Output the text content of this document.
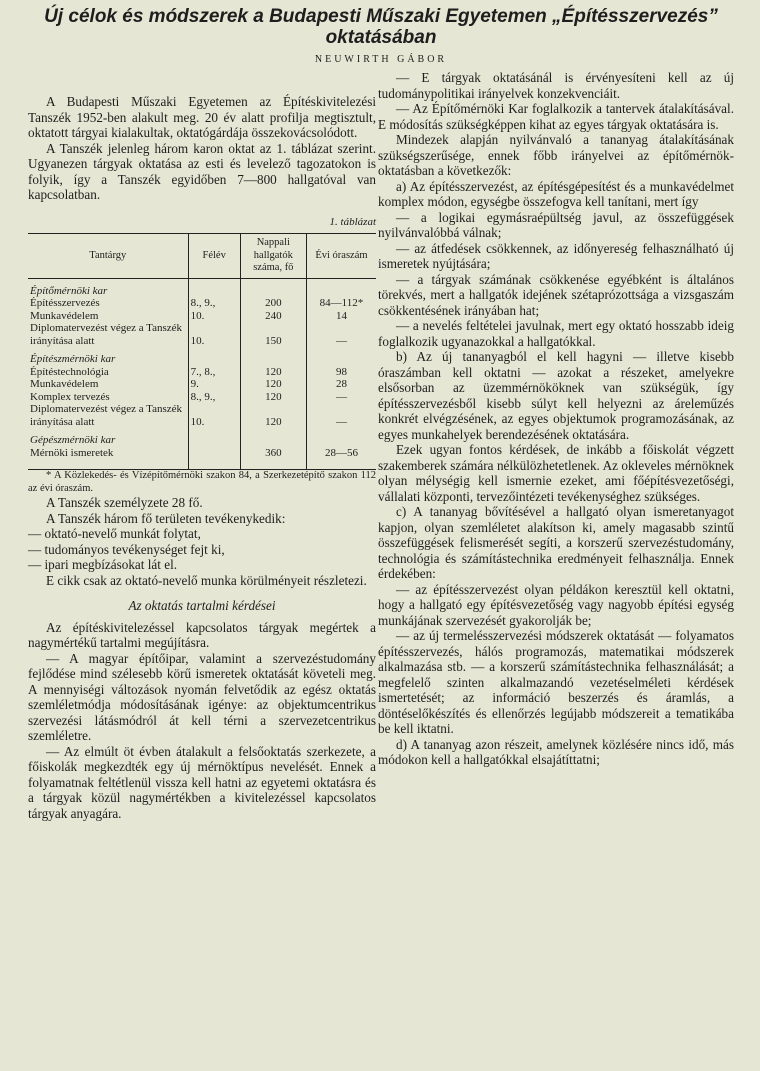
Új célok és módszerek a Budapesti Műszaki Egyetemen „Építésszervezés”
oktatásában
NEUWIRTH GÁBOR

A Budapesti Műszaki Egyetemen az Építéskivitelezési Tanszék 1952-ben alakult meg. 20 év alatt profilja megtisztult, oktatott tárgyai kialakultak, oktatógárdája összekovácsolódott.

A Tanszék jelenleg három karon oktat az 1. táblázat szerint. Ugyanezen tárgyak oktatása az esti és levelező tagozatokon is folyik, így a Tanszék egyidőben 7—800 hallgatóval van kapcsolatban.

1. táblázat
Tantárgy	Félév	Nappali hallgatók száma, fő	Évi óraszám
Építőmérnöki kar			
Építésszervezés	8., 9.,	200	84—112*
Munkavédelem	10.	240	14
Diplomatervezést végez a Tanszék irányítása alatt	10.	150	—
Építészmérnöki kar			
Építéstechnológia	7., 8.,	120	98
Munkavédelem	9.	120	28
Komplex tervezés	8., 9.,	120	—
Diplomatervezést végez a Tanszék irányítása alatt	10.	120	—
Gépészmérnöki kar			
Mérnöki ismeretek		360	28—56

* A Közlekedés- és Vízépítőmérnöki szakon 84, a Szerkezetépítő szakon 112 az évi óraszám.

A Tanszék személyzete 28 fő.

A Tanszék három fő területen tevékenykedik:

— oktató-nevelő munkát folytat,

— tudományos tevékenységet fejt ki,

— ipari megbízásokat lát el.

E cikk csak az oktató-nevelő munka körülményeit részletezi.

Az oktatás tartalmi kérdései

Az építéskivitelezéssel kapcsolatos tárgyak megértek a nagymértékű tartalmi megújításra.

— A magyar építőipar, valamint a szervezéstudomány fejlődése mind szélesebb körű ismeretek oktatását követeli meg. A mennyiségi változások nyomán felvetődik az egész oktatás szemléletmódja módosításának igénye: az objektumcentrikus szervezési látásmódról át kell térni a szervezetcentrikus szemléletre.

— Az elmúlt öt évben átalakult a felsőoktatás szerkezete, a főiskolák megkezdték egy új mérnöktípus nevelését. Ennek a folyamatnak feltétlenül vissza kell hatni az egyetemi oktatásra és a tárgyak közül nagymértékben a kivitelezéssel kapcsolatos tárgyak anyagára.

— E tárgyak oktatásánál is érvényesíteni kell az új tudománypolitikai irányelvek konzekvenciáit.

— Az Építőmérnöki Kar foglalkozik a tantervek átalakításával. E módosítás szükségképpen kihat az egyes tárgyak oktatására is.

Mindezek alapján nyilvánvaló a tananyag átalakításának szükségszerűsége, ennek főbb irányelvei az építőmérnök-oktatásban a következők:

a) Az építésszervezést, az építésgépesítést és a munkavédelmet komplex módon, egységbe összefogva kell tanítani, mert így

— a logikai egymásraépültség javul, az összefüggések nyilvánvalóbbá válnak;

— az átfedések csökkennek, az időnyereség felhasználható új ismeretek nyújtására;

— a tárgyak számának csökkenése egyébként is általános törekvés, mert a hallgatók idejének szétaprózottsága a vizsgaszám csökkentésének irányában hat;

— a nevelés feltételei javulnak, mert egy oktató hosszabb ideig foglalkozik ugyanazokkal a hallgatókkal.

b) Az új tananyagból el kell hagyni — illetve kisebb óraszámban kell oktatni — azokat a részeket, amelyekre elsősorban az üzemmérnököknek van szükségük, így építésszervezésből kisebb súlyt kell helyezni az áreleműzés konkrét elvégzésének, az egyes objektumok programozásának, az egyes munkahelyek berendezésének oktatására.

Ezek ugyan fontos kérdések, de inkább a főiskolát végzett szakemberek számára nélkülözhetetlenek. Az okleveles mérnöknek olyan mélységig kell ismernie ezeket, ami főépítésvezetőségi, vállalati központi, tervezőintézeti tevékenységhez szükséges.

c) A tananyag bővítésével a hallgató olyan ismeretanyagot kapjon, olyan szemléletet alakítson ki, amely magasabb szintű összefüggések felismerését segíti, a korszerű szervezéstudomány, technológia és számítástechnika eredményeit felhasználja. Ennek érdekében:

— az építésszervezést olyan példákon keresztül kell oktatni, hogy a hallgató egy építésvezetőség vagy nagyobb építési egység munkájának szervezését gyakorolják be;

— az új termelésszervezési módszerek oktatását — folyamatos építésszervezés, hálós programozás, matematikai módszerek alkalmazása stb. — a korszerű számítástechnika felhasználását; a megfelelő szinten alkalmazandó vezetéselméleti kérdések ismertetését; az információ beszerzés és áramlás, a döntéselőkészítés és ellenőrzés legújabb módszereit a tematikába be kell iktatni.

d) A tananyag azon részeit, amelynek közlésére nincs idő, más módokon kell a hallgatókkal elsajátíttatni;
